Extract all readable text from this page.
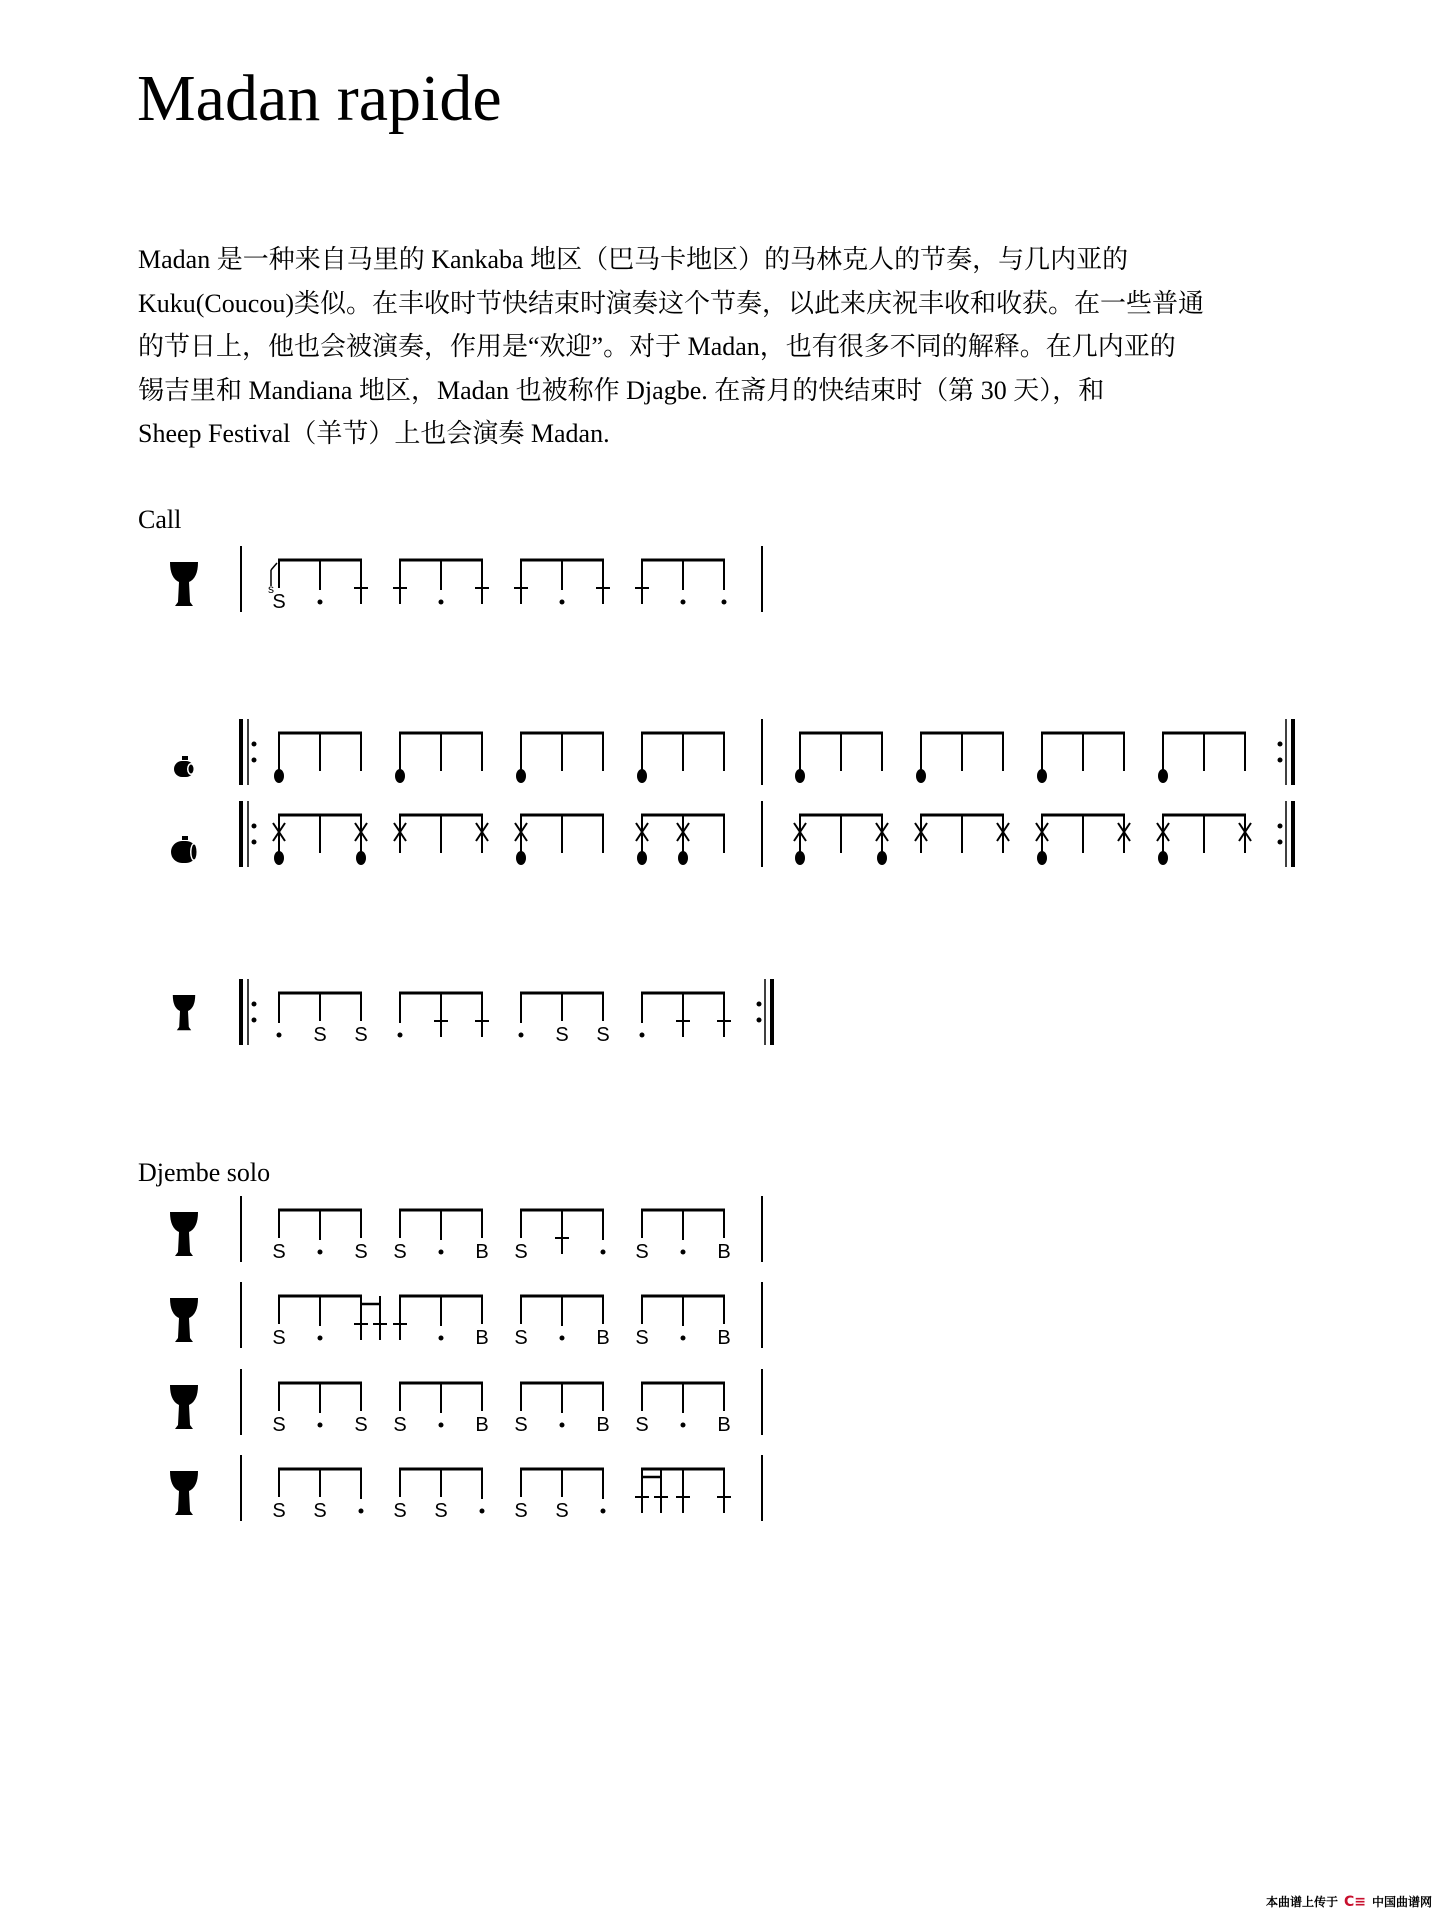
Madan rapide
Madan 是一种来自马里的 Kankaba 地区（巴马卡地区）的马林克人的节奏，与几内亚的
Kuku(Coucou)类似。在丰收时节快结束时演奏这个节奏，以此来庆祝丰收和收获。在一些普通
的节日上，他也会被演奏，作用是“欢迎”。对于 Madan，也有很多不同的解释。在几内亚的
锡吉里和 Mandiana 地区，Madan 也被称作 Djagbe. 在斋月的快结束时（第 30 天），和
Sheep Festival（羊节）上也会演奏 Madan.
Call
Djembe solo
S
s
S S	S S
S	S S	B S	S	B
S	B S	B S	B
S	S S	B S	B S	B
S S	S S	S S
本曲谱上传于 C≡ 中国曲谱网
